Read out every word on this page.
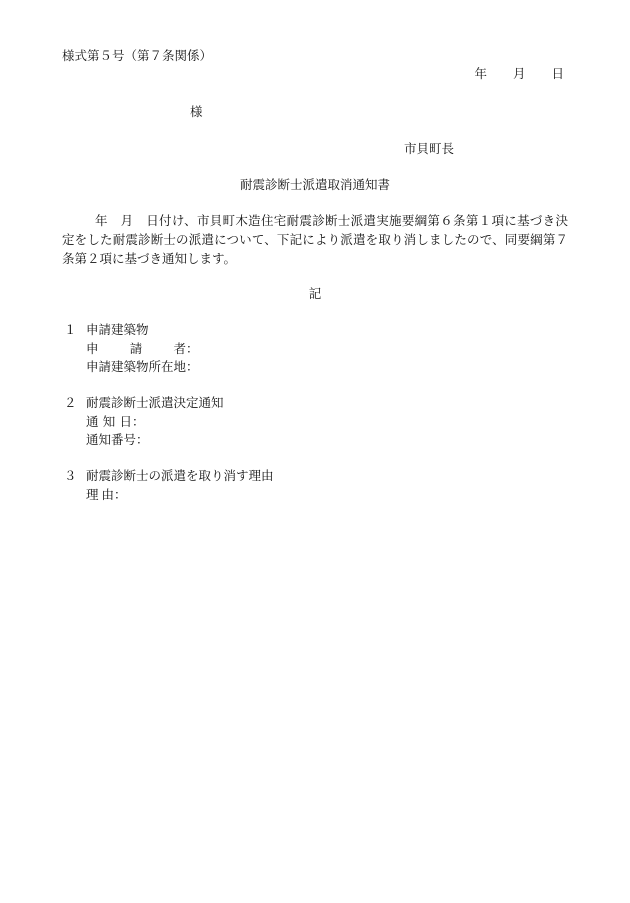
様式第５号（第７条関係）
年 月 日
様
市貝町長
耐震診断士派遣取消通知書
年　月　日付け、市貝町木造住宅耐震診断士派遣実施要綱第６条第１項に基づき決定をした耐震診断士の派遣について、下記により派遣を取り消しましたので、同要綱第７条第２項に基づき通知します。
記
１ 申請建築物
申 請 者 ：
申請建築物所在地 ：
２ 耐震診断士派遣決定通知
通 知 日 ：
通知番号 ：
３ 耐震診断士の派遣を取り消す理由
理 由 ：
